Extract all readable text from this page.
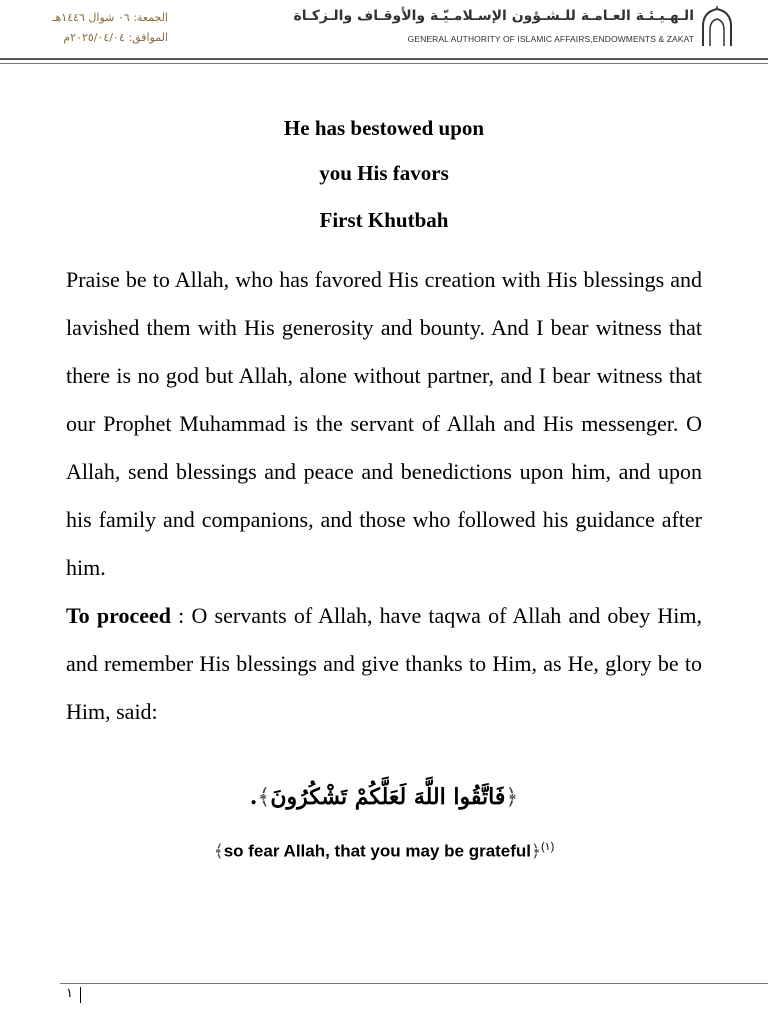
الجمعة: ٠٦ شوال ١٤٤٦هـ
الموافق: ٢٠٢٥/٠٤/٠٤م
الـهـيـئـة العـامـة للـشـؤون الإسـلامـيّـة والأوقـاف والـزكـاة
GENERAL AUTHORITY OF ISLAMIC AFFAIRS,ENDOWMENTS & ZAKAT
He has bestowed upon
you His favors
First Khutbah

Praise be to Allah, who has favored His creation with His blessings and lavished them with His generosity and bounty. And I bear witness that there is no god but Allah, alone without partner, and I bear witness that our Prophet Muhammad is the servant of Allah and His messenger. O Allah, send blessings and peace and benedictions upon him, and upon his family and companions, and those who followed his guidance after him.

To proceed : O servants of Allah, have taqwa of Allah and obey Him, and remember His blessings and give thanks to Him, as He, glory be to Him, said:

﴿فَاتَّقُوا اللَّهَ لَعَلَّكُمْ تَشْكُرُونَ﴾.
﴾so fear Allah, that you may be grateful﴿$^{(١)}$
١
